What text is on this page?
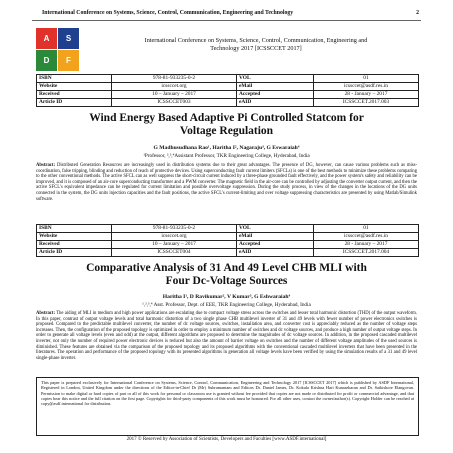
International Conference on Systems, Science, Control, Communication, Engineering and Technology	2
A	S
D	F
International Conference on Systems, Science, Control, Communication, Engineering and
Technology 2017 [ICSSCCET 2017]
ISBN	978-81-933235-0-2	VOL	01
Website	icssccet.org	eMail	icssccet@asdf.res.in
Received	10 – January – 2017	Accepted	28 - January – 2017
Article ID	ICSSCCET003	eAID	ICSSCCET.2017.003
Wind Energy Based Adaptive Pi Controlled Statcom for
Voltage Regulation
G Madhusudhana Rao¹, Haritha I², Nagaraju³, G Eswaraiah⁴
¹Professor, ²,³,⁴Assistant Professor, TKR Engineering College, Hyderabad, India
Abstract: Distributed Generation Resources are increasingly used in distribution systems due to their great advantages. The presence of DG, however, can cause various problems such as miss-coordination, false tripping, blinding and reduction of reach of protective devices. Using superconducting fault current limiters (SFCLs) is one of the best methods to minimize these problems comparing to the other conventional methods. The active SFCL can as well suppress the short-circuit current induced by a three-phase grounded fault effectively, and the power system's safety and reliability can be improved, and it is composed of an air-core superconducting transformer and a PWM converter. The magnetic field in the air-core can be controlled by adjusting the converter output current, and then the active SFCL's equivalent impedance can be regulated for current limitation and possible overvoltage suppression. During the study process, in view of the changes in the locations of the DG units connected in the system, the DG units injection capacities and the fault positions, the active SFCL's current-limiting and over voltage suppressing characteristics are presented by using Matlab/Simulink software.
ISBN	978-81-933235-0-2	VOL	01
Website	icssccet.org	eMail	icssccet@asdf.res.in
Received	10 – January – 2017	Accepted	28 - January – 2017
Article ID	ICSSCCET004	eAID	ICSSCCET.2017.004
Comparative Analysis of 31 And 49 Level CHB MLI with
Four Dc-Voltage Sources
Haritha I¹, D Ravikumar², V Kumar³, G Eshwaraiah⁴
¹,²,³,⁴ Asst. Professor, Dept. of EEE, TKR Engineering College, Hyderabad, India
Abstract: The aiding of MLI in medium and high power applications are escalating due to compact voltage stress across the switches and lesser total harmonic distortion (THD) of the output waveform. In this paper, contrast of output voltage levels and total harmonic distortion of a two single phase CHB multilevel inverter of 31 and 49 levels with fewer number of power electronics switches is proposed. Compared to the predictable multilevel converter, the number of dc voltage sources, switches, installation area, and converter cost is appreciably reduced as the number of voltage steps increases. Then, the configuration of the proposed topology is optimized in order to employ a minimum number of switches and dc voltage sources, and produce a high number of output voltage steps. In order to generate all voltage levels (even and odd) at the output, different algorithms are proposed to determine the magnitudes of dc voltage sources. In addition, in the proposed cascaded multilevel inverter, not only the number of required power electronic devices is reduced but also the amount of barrier voltage on switches and the number of different voltage amplitudes of the used sources is diminished. These features are obtained via the comparison of the proposed topology and its proposed algorithms with the conventional cascaded multilevel inverters that have been presented in the literatures. The operation and performance of the proposed topology with its presented algorithms in generation all voltage levels have been verified by using the simulation results of a 31 and 49 level single-phase inverter.
This paper is prepared exclusively for International Conference on Systems, Science, Control, Communication, Engineering and Technology 2017 [ICSSCCET 2017] which is published by ASDF International, Registered in London, United Kingdom under the directions of the Editor-in-Chief Dr (Mr) Subramaniam and Editors Dr. Daniel James, Dr. Kokula Krishna Hari Kunasekaran and Dr. Saikishore Elangovan. Permission to make digital or hard copies of part or all of this work for personal or classroom use is granted without fee provided that copies are not made or distributed for profit or commercial advantage, and that copies bear this notice and the full citation on the first page. Copyrights for third-party components of this work must be honoured. For all other uses, contact the owner/author(s). Copyright Holder can be reached at copy@asdf.international for distribution.
2017 © Reserved by Association of Scientists, Developers and Faculties [www.ASDF.international]
